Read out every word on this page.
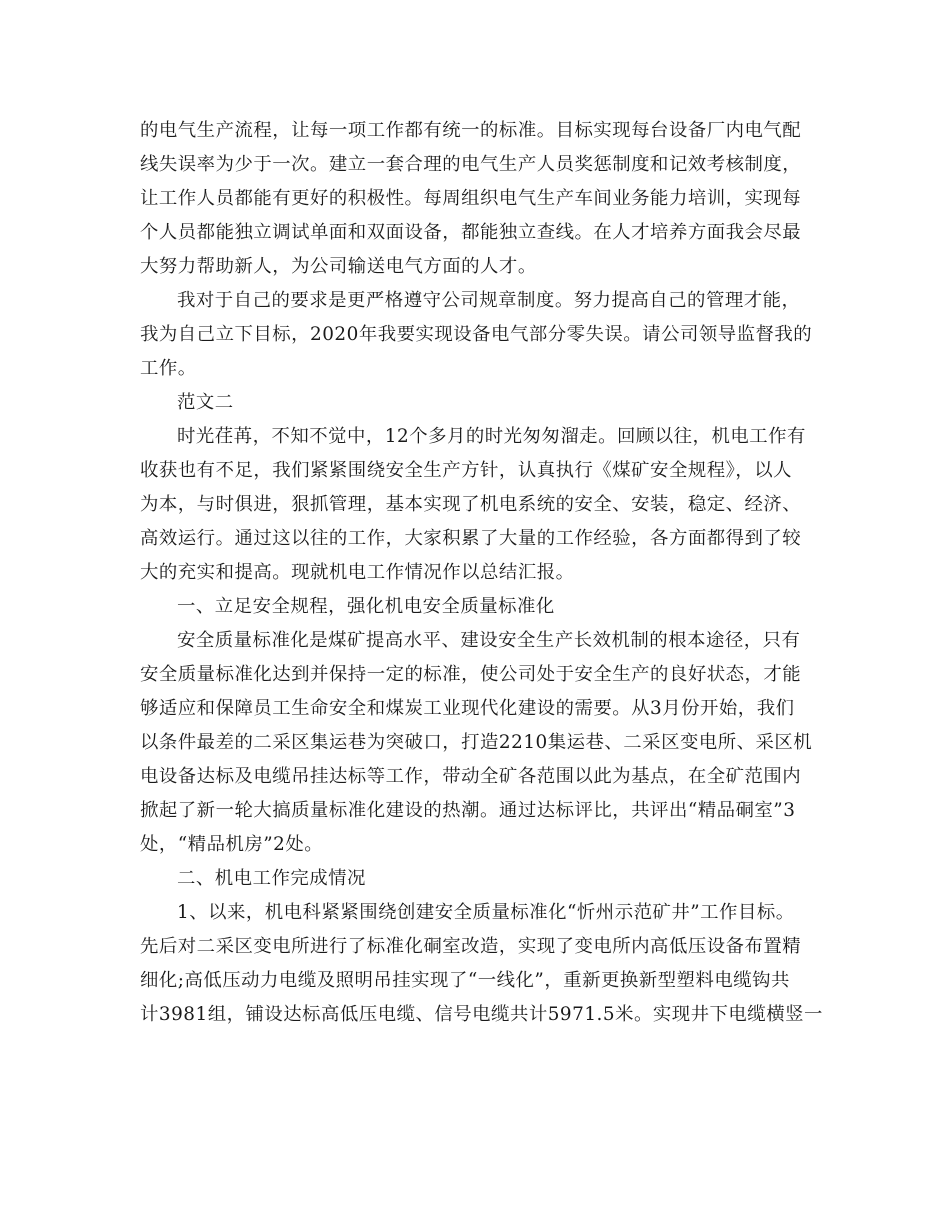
的电气生产流程，让每一项工作都有统一的标准。目标实现每台设备厂内电气配
线失误率为少于一次。建立一套合理的电气生产人员奖惩制度和记效考核制度，
让工作人员都能有更好的积极性。每周组织电气生产车间业务能力培训，实现每
个人员都能独立调试单面和双面设备，都能独立查线。在人才培养方面我会尽最
大努力帮助新人，为公司输送电气方面的人才。
我对于自己的要求是更严格遵守公司规章制度。努力提高自己的管理才能，
我为自己立下目标，2020年我要实现设备电气部分零失误。请公司领导监督我的
工作。
范文二
时光荏苒，不知不觉中，12个多月的时光匆匆溜走。回顾以往，机电工作有
收获也有不足，我们紧紧围绕安全生产方针，认真执行《煤矿安全规程》，以人
为本，与时俱进，狠抓管理，基本实现了机电系统的安全、安装，稳定、经济、
高效运行。通过这以往的工作，大家积累了大量的工作经验，各方面都得到了较
大的充实和提高。现就机电工作情况作以总结汇报。
一、立足安全规程，强化机电安全质量标准化
安全质量标准化是煤矿提高水平、建设安全生产长效机制的根本途径，只有
安全质量标准化达到并保持一定的标准，使公司处于安全生产的良好状态，才能
够适应和保障员工生命安全和煤炭工业现代化建设的需要。从3月份开始，我们
以条件最差的二采区集运巷为突破口，打造2210集运巷、二采区变电所、采区机
电设备达标及电缆吊挂达标等工作，带动全矿各范围以此为基点，在全矿范围内
掀起了新一轮大搞质量标准化建设的热潮。通过达标评比，共评出“精品硐室”3
处，“精品机房”2处。
二、机电工作完成情况
1、以来，机电科紧紧围绕创建安全质量标准化“忻州示范矿井”工作目标。
先后对二采区变电所进行了标准化硐室改造，实现了变电所内高低压设备布置精
细化;高低压动力电缆及照明吊挂实现了“一线化”，重新更换新型塑料电缆钩共
计3981组，铺设达标高低压电缆、信号电缆共计5971.5米。实现井下电缆横竖一
